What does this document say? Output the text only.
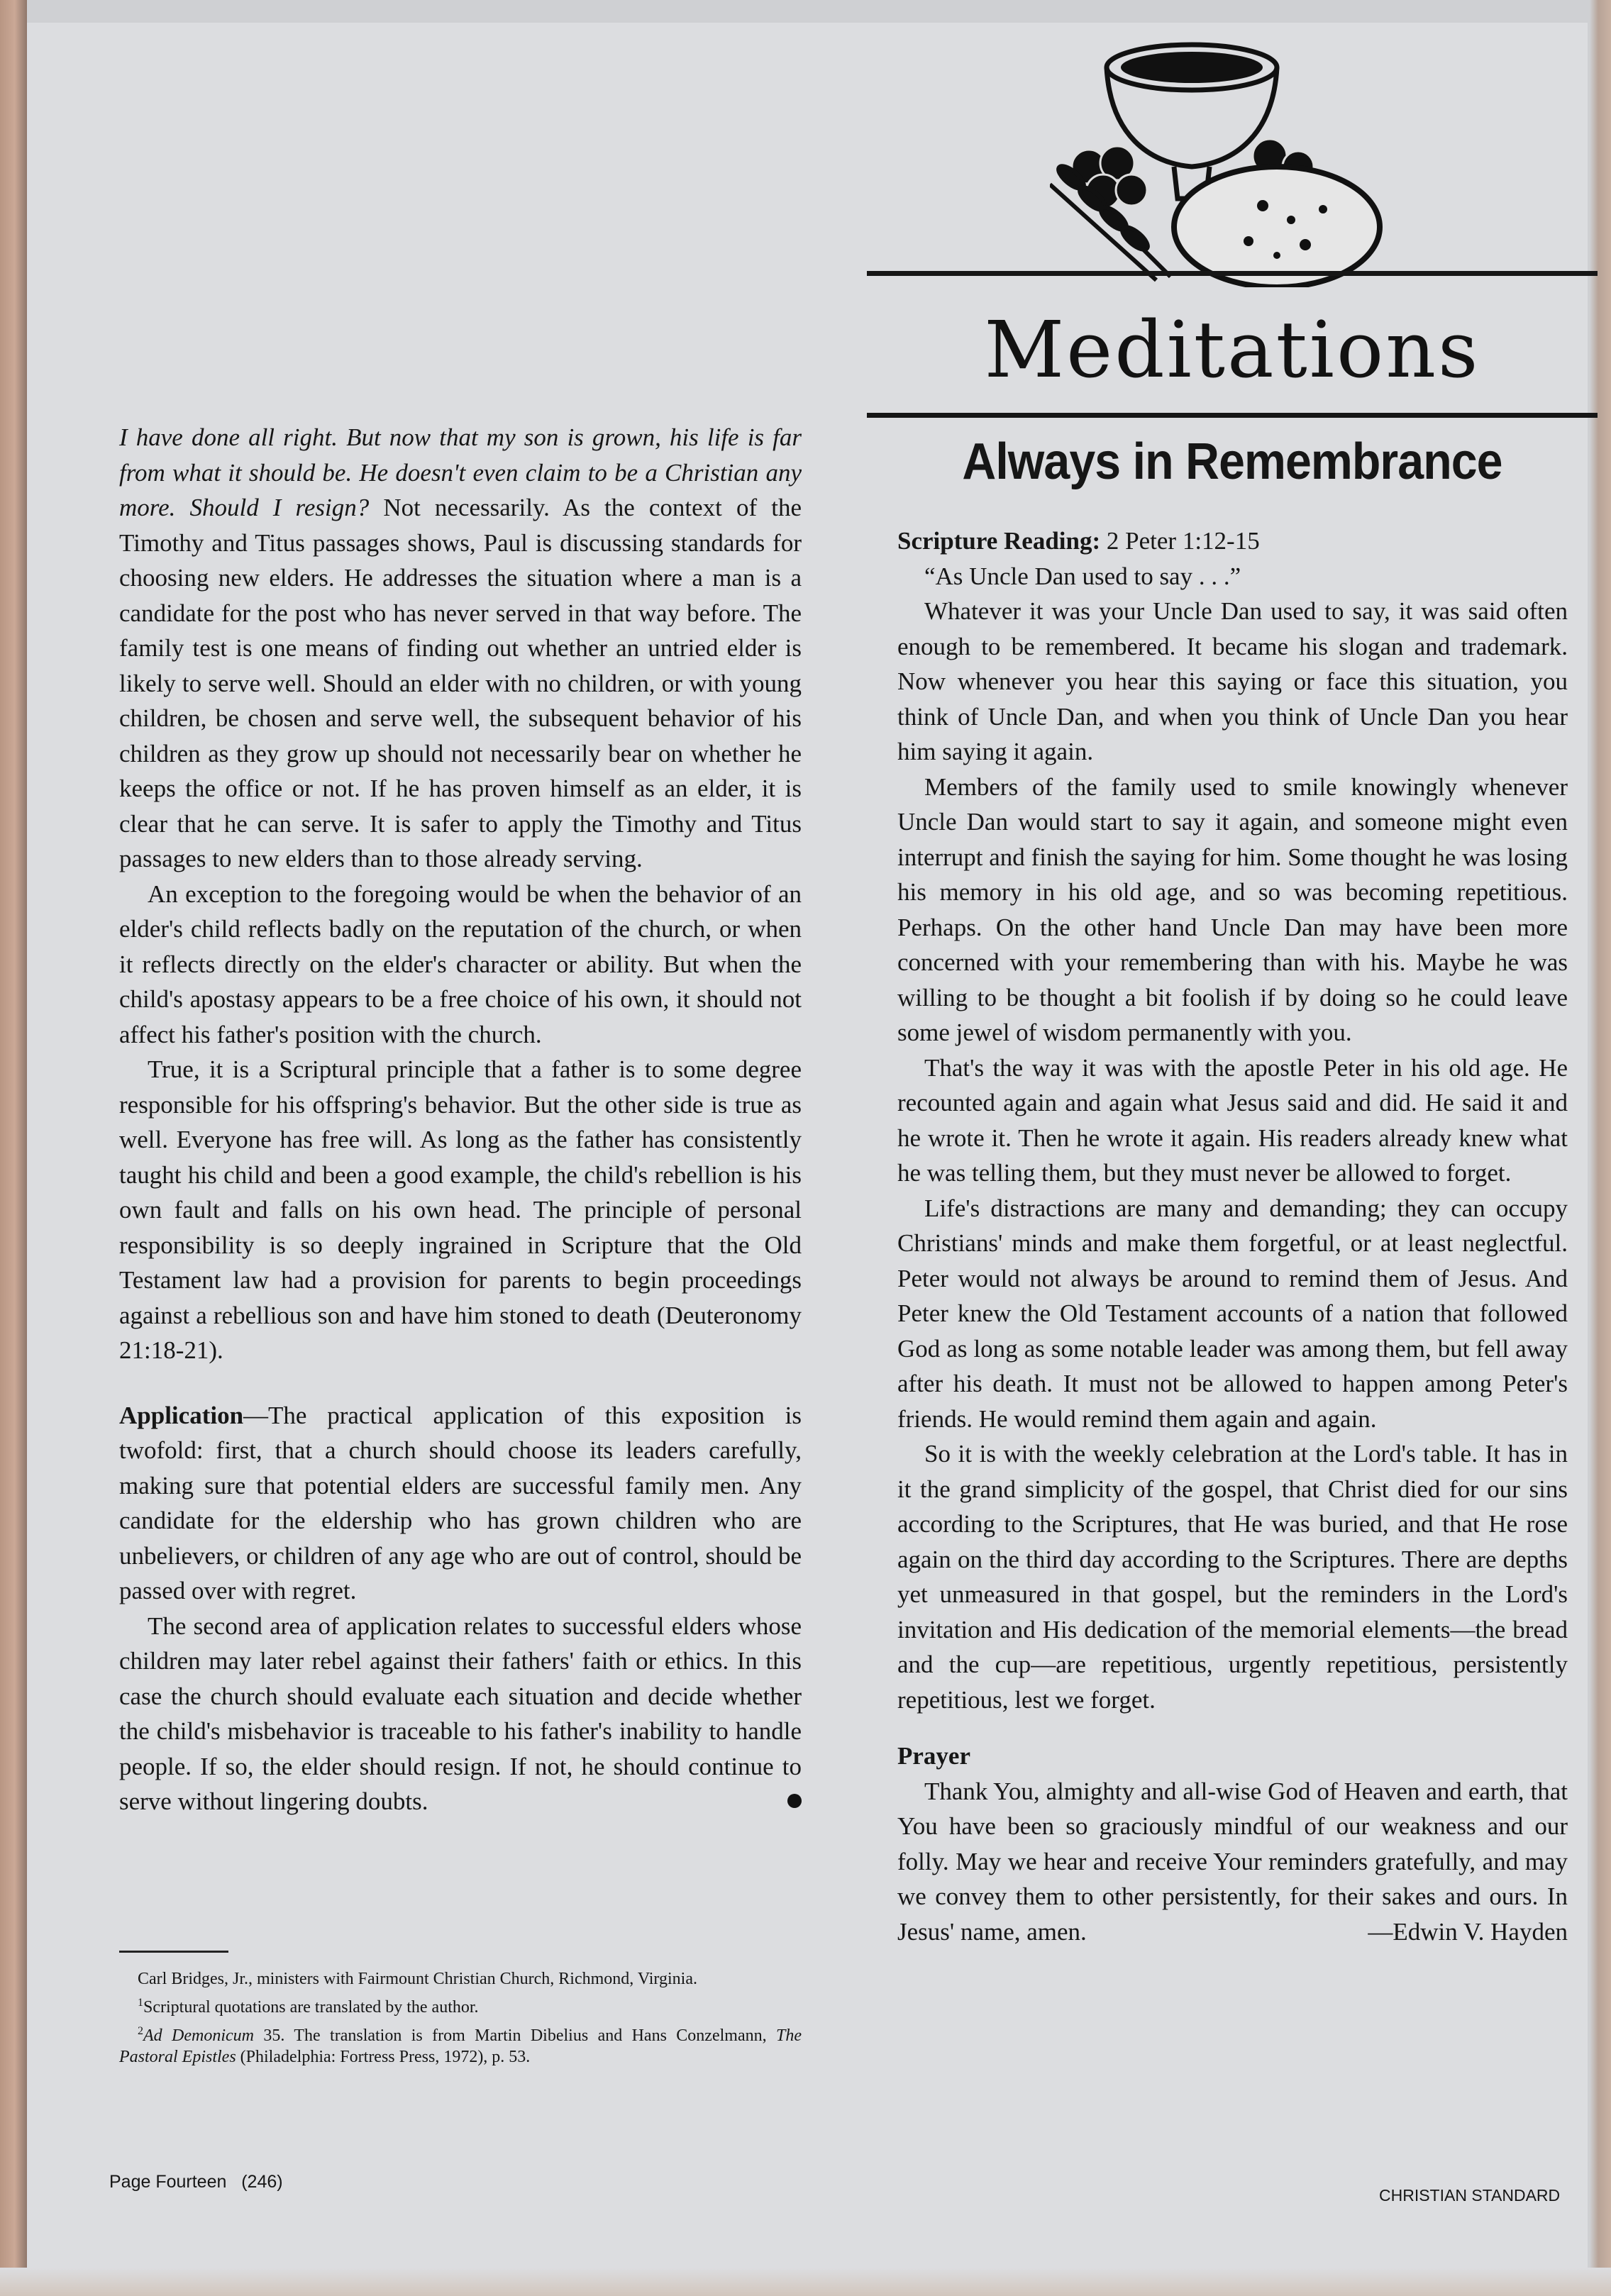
I have done all right. But now that my son is grown, his life is far from what it should be. He doesn't even claim to be a Christian any more. Should I resign? Not necessarily. As the context of the Timothy and Titus passages shows, Paul is discussing standards for choosing new elders. He addresses the situation where a man is a candidate for the post who has never served in that way before. The family test is one means of finding out whether an untried elder is likely to serve well. Should an elder with no children, or with young children, be chosen and serve well, the subsequent behavior of his children as they grow up should not necessarily bear on whether he keeps the office or not. If he has proven himself as an elder, it is clear that he can serve. It is safer to apply the Timothy and Titus passages to new elders than to those already serving.

An exception to the foregoing would be when the behavior of an elder's child reflects badly on the reputation of the church, or when it reflects directly on the elder's character or ability. But when the child's apostasy appears to be a free choice of his own, it should not affect his father's position with the church.

True, it is a Scriptural principle that a father is to some degree responsible for his offspring's behavior. But the other side is true as well. Everyone has free will. As long as the father has consistently taught his child and been a good example, the child's rebellion is his own fault and falls on his own head. The principle of personal responsibility is so deeply ingrained in Scripture that the Old Testament law had a provision for parents to begin proceedings against a rebellious son and have him stoned to death (Deuteronomy 21:18-21).

Application—The practical application of this exposition is twofold: first, that a church should choose its leaders carefully, making sure that potential elders are successful family men. Any candidate for the eldership who has grown children who are unbelievers, or children of any age who are out of control, should be passed over with regret.

The second area of application relates to successful elders whose children may later rebel against their fathers' faith or ethics. In this case the church should evaluate each situation and decide whether the child's misbehavior is traceable to his father's inability to handle people. If so, the elder should resign. If not, he should continue to serve without lingering doubts.

Carl Bridges, Jr., ministers with Fairmount Christian Church, Richmond, Virginia.

$^1$Scriptural quotations are translated by the author.

$^2$Ad Demonicum 35. The translation is from Martin Dibelius and Hans Conzelmann, The Pastoral Epistles (Philadelphia: Fortress Press, 1972), p. 53.

Page Fourteen   (246)
CHRISTIAN STANDARD
Meditations
Always in Remembrance

Scripture Reading: 2 Peter 1:12-15

“As Uncle Dan used to say . . .”

Whatever it was your Uncle Dan used to say, it was said often enough to be remembered. It became his slogan and trademark. Now whenever you hear this saying or face this situation, you think of Uncle Dan, and when you think of Uncle Dan you hear him saying it again.

Members of the family used to smile knowingly whenever Uncle Dan would start to say it again, and someone might even interrupt and finish the saying for him. Some thought he was losing his memory in his old age, and so was becoming repetitious. Perhaps. On the other hand Uncle Dan may have been more concerned with your remembering than with his. Maybe he was willing to be thought a bit foolish if by doing so he could leave some jewel of wisdom permanently with you.

That's the way it was with the apostle Peter in his old age. He recounted again and again what Jesus said and did. He said it and he wrote it. Then he wrote it again. His readers already knew what he was telling them, but they must never be allowed to forget.

Life's distractions are many and demanding; they can occupy Christians' minds and make them forgetful, or at least neglectful. Peter would not always be around to remind them of Jesus. And Peter knew the Old Testament accounts of a nation that followed God as long as some notable leader was among them, but fell away after his death. It must not be allowed to happen among Peter's friends. He would remind them again and again.

So it is with the weekly celebration at the Lord's table. It has in it the grand simplicity of the gospel, that Christ died for our sins according to the Scriptures, that He was buried, and that He rose again on the third day according to the Scriptures. There are depths yet unmeasured in that gospel, but the reminders in the Lord's invitation and His dedication of the memorial elements—the bread and the cup—are repetitious, urgently repetitious, persistently repetitious, lest we forget.

Prayer

Thank You, almighty and all-wise God of Heaven and earth, that You have been so graciously mindful of our weakness and our folly. May we hear and receive Your reminders gratefully, and may we convey them to other persistently, for their sakes and ours. In Jesus' name, amen.	—Edwin V. Hayden
